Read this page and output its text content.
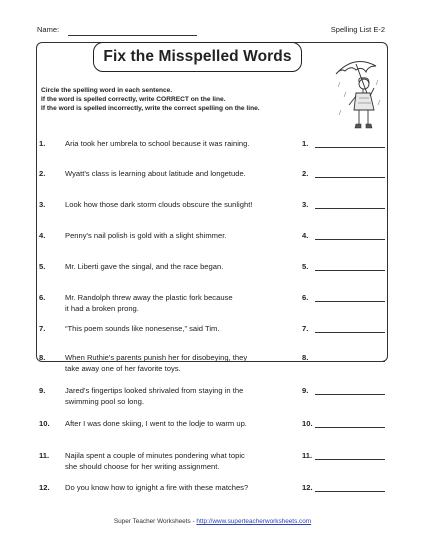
Name:	Spelling List E-2
Fix the Misspelled Words
Circle the spelling word in each sentence.
If the word is spelled correctly, write CORRECT on the line.
If the word is spelled incorrectly, write the correct spelling on the line.
1.	Aria took her umbrela to school because it was raining.	1.
2.	Wyatt's class is learning about latitude and longetude.	2.
3.	Look how those dark storm clouds obscure the sunlight!	3.
4.	Penny's nail polish is gold with a slight shimmer.	4.
5.	Mr. Liberti gave the singal, and the race began.	5.
6.	Mr. Randolph threw away the plastic fork because
it had a broken prong.
6.
7.	“This poem sounds like nonesense,” said Tim.	7.
8.	When Ruthie's parents punish her for disobeying, they
take away one of her favorite toys.
8.
9.	Jared's fingertips looked shrivaled from staying in the
swimming pool so long.
9.
10. After I was done skiing, I went to the lodje to warm up.	10.
11. Najila spent a couple of minutes pondering what topic
she should choose for her writing assignment.
11.
12. Do you know how to ignight a fire with these matches?	12.
Super Teacher Worksheets - http://www.superteacherworksheets.com
